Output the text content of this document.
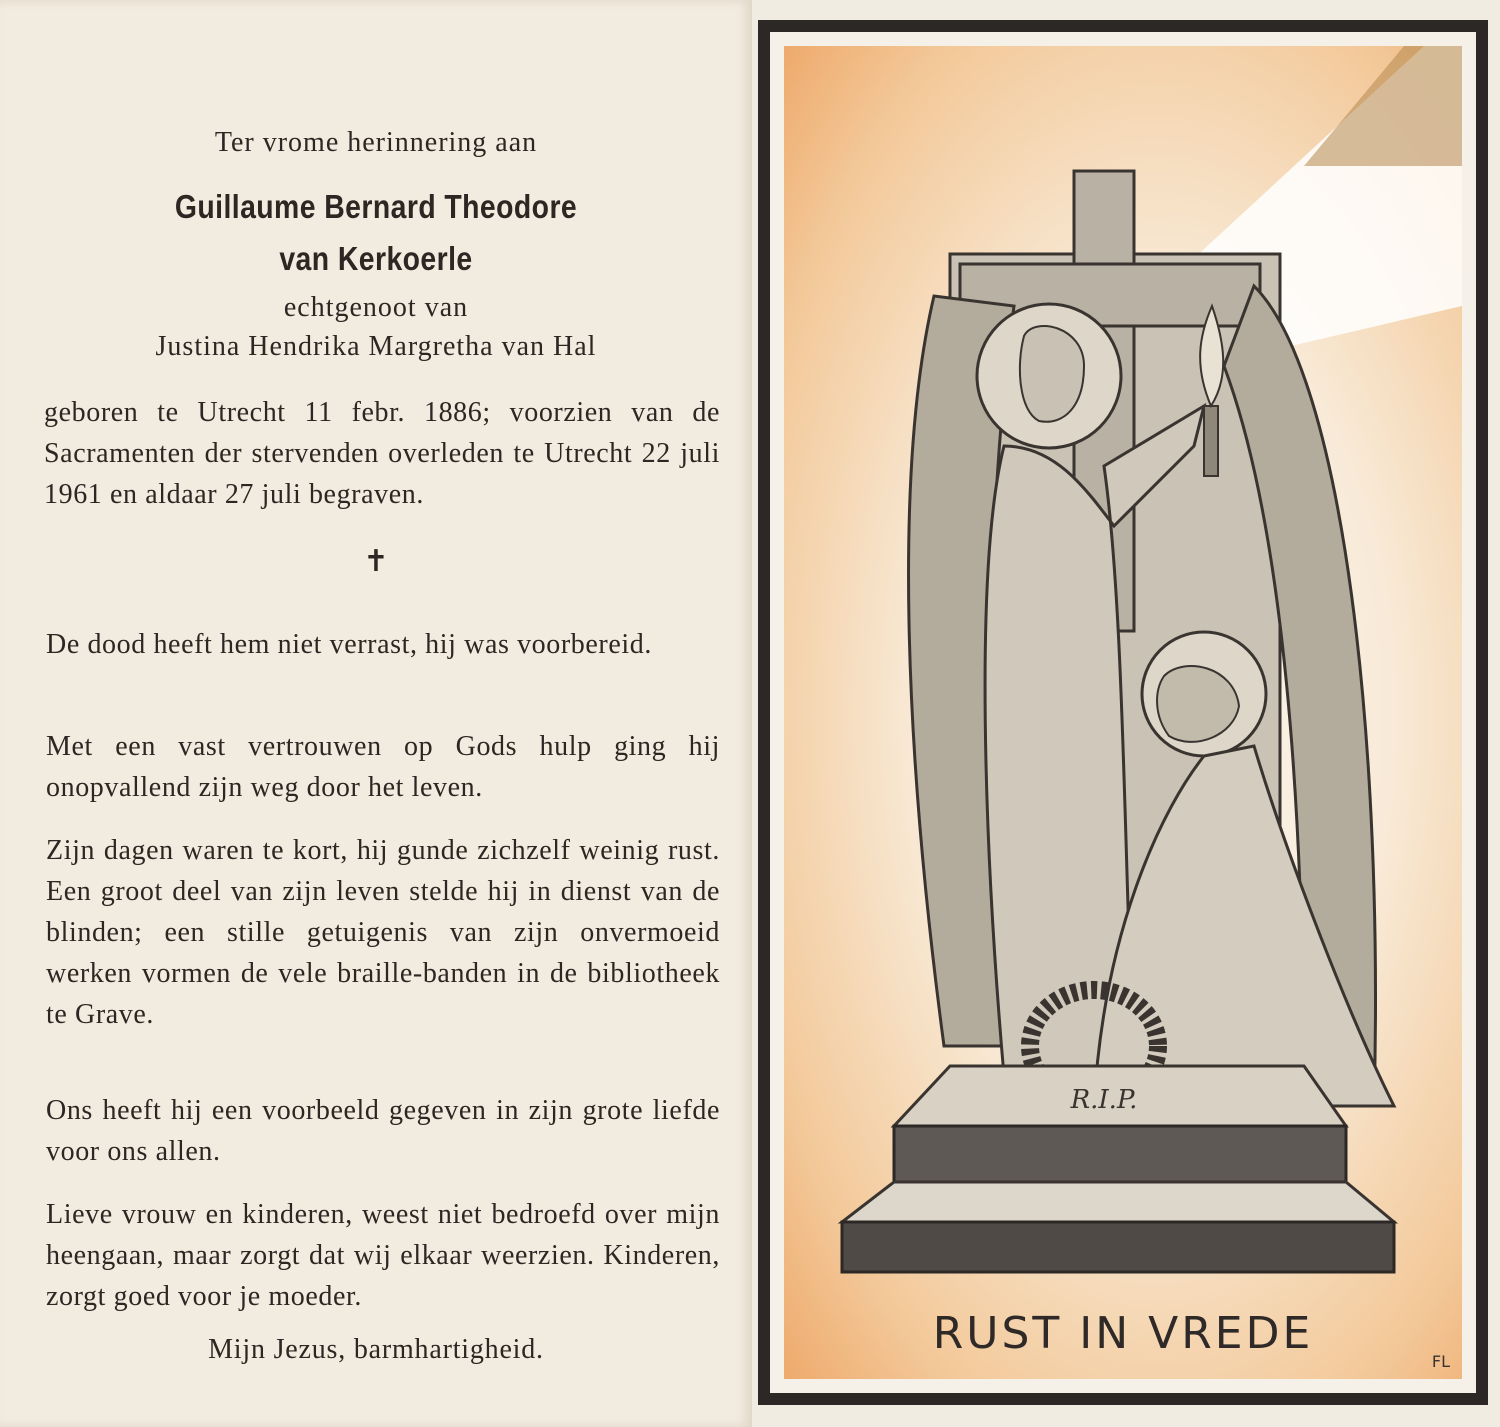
Ter vrome herinnering aan
Guillaume Bernard Theodore
van Kerkoerle
echtgenoot van
Justina Hendrika Margretha van Hal
geboren te Utrecht 11 febr. 1886; voorzien van de Sacramenten der stervenden overleden te Utrecht 22 juli 1961 en aldaar 27 juli begraven.
✝
De dood heeft hem niet verrast, hij was voorbereid.
Met een vast vertrouwen op Gods hulp ging hij onopvallend zijn weg door het leven.
Zijn dagen waren te kort, hij gunde zichzelf weinig rust. Een groot deel van zijn leven stelde hij in dienst van de blinden; een stille getuigenis van zijn onvermoeid werken vormen de vele braille-banden in de bibliotheek te Grave.
Ons heeft hij een voorbeeld gegeven in zijn grote liefde voor ons allen.
Lieve vrouw en kinderen, weest niet bedroefd over mijn heengaan, maar zorgt dat wij elkaar weerzien. Kinderen, zorgt goed voor je moeder.
Mijn Jezus, barmhartigheid.
R.I.P.
RUST IN VREDE
FL
